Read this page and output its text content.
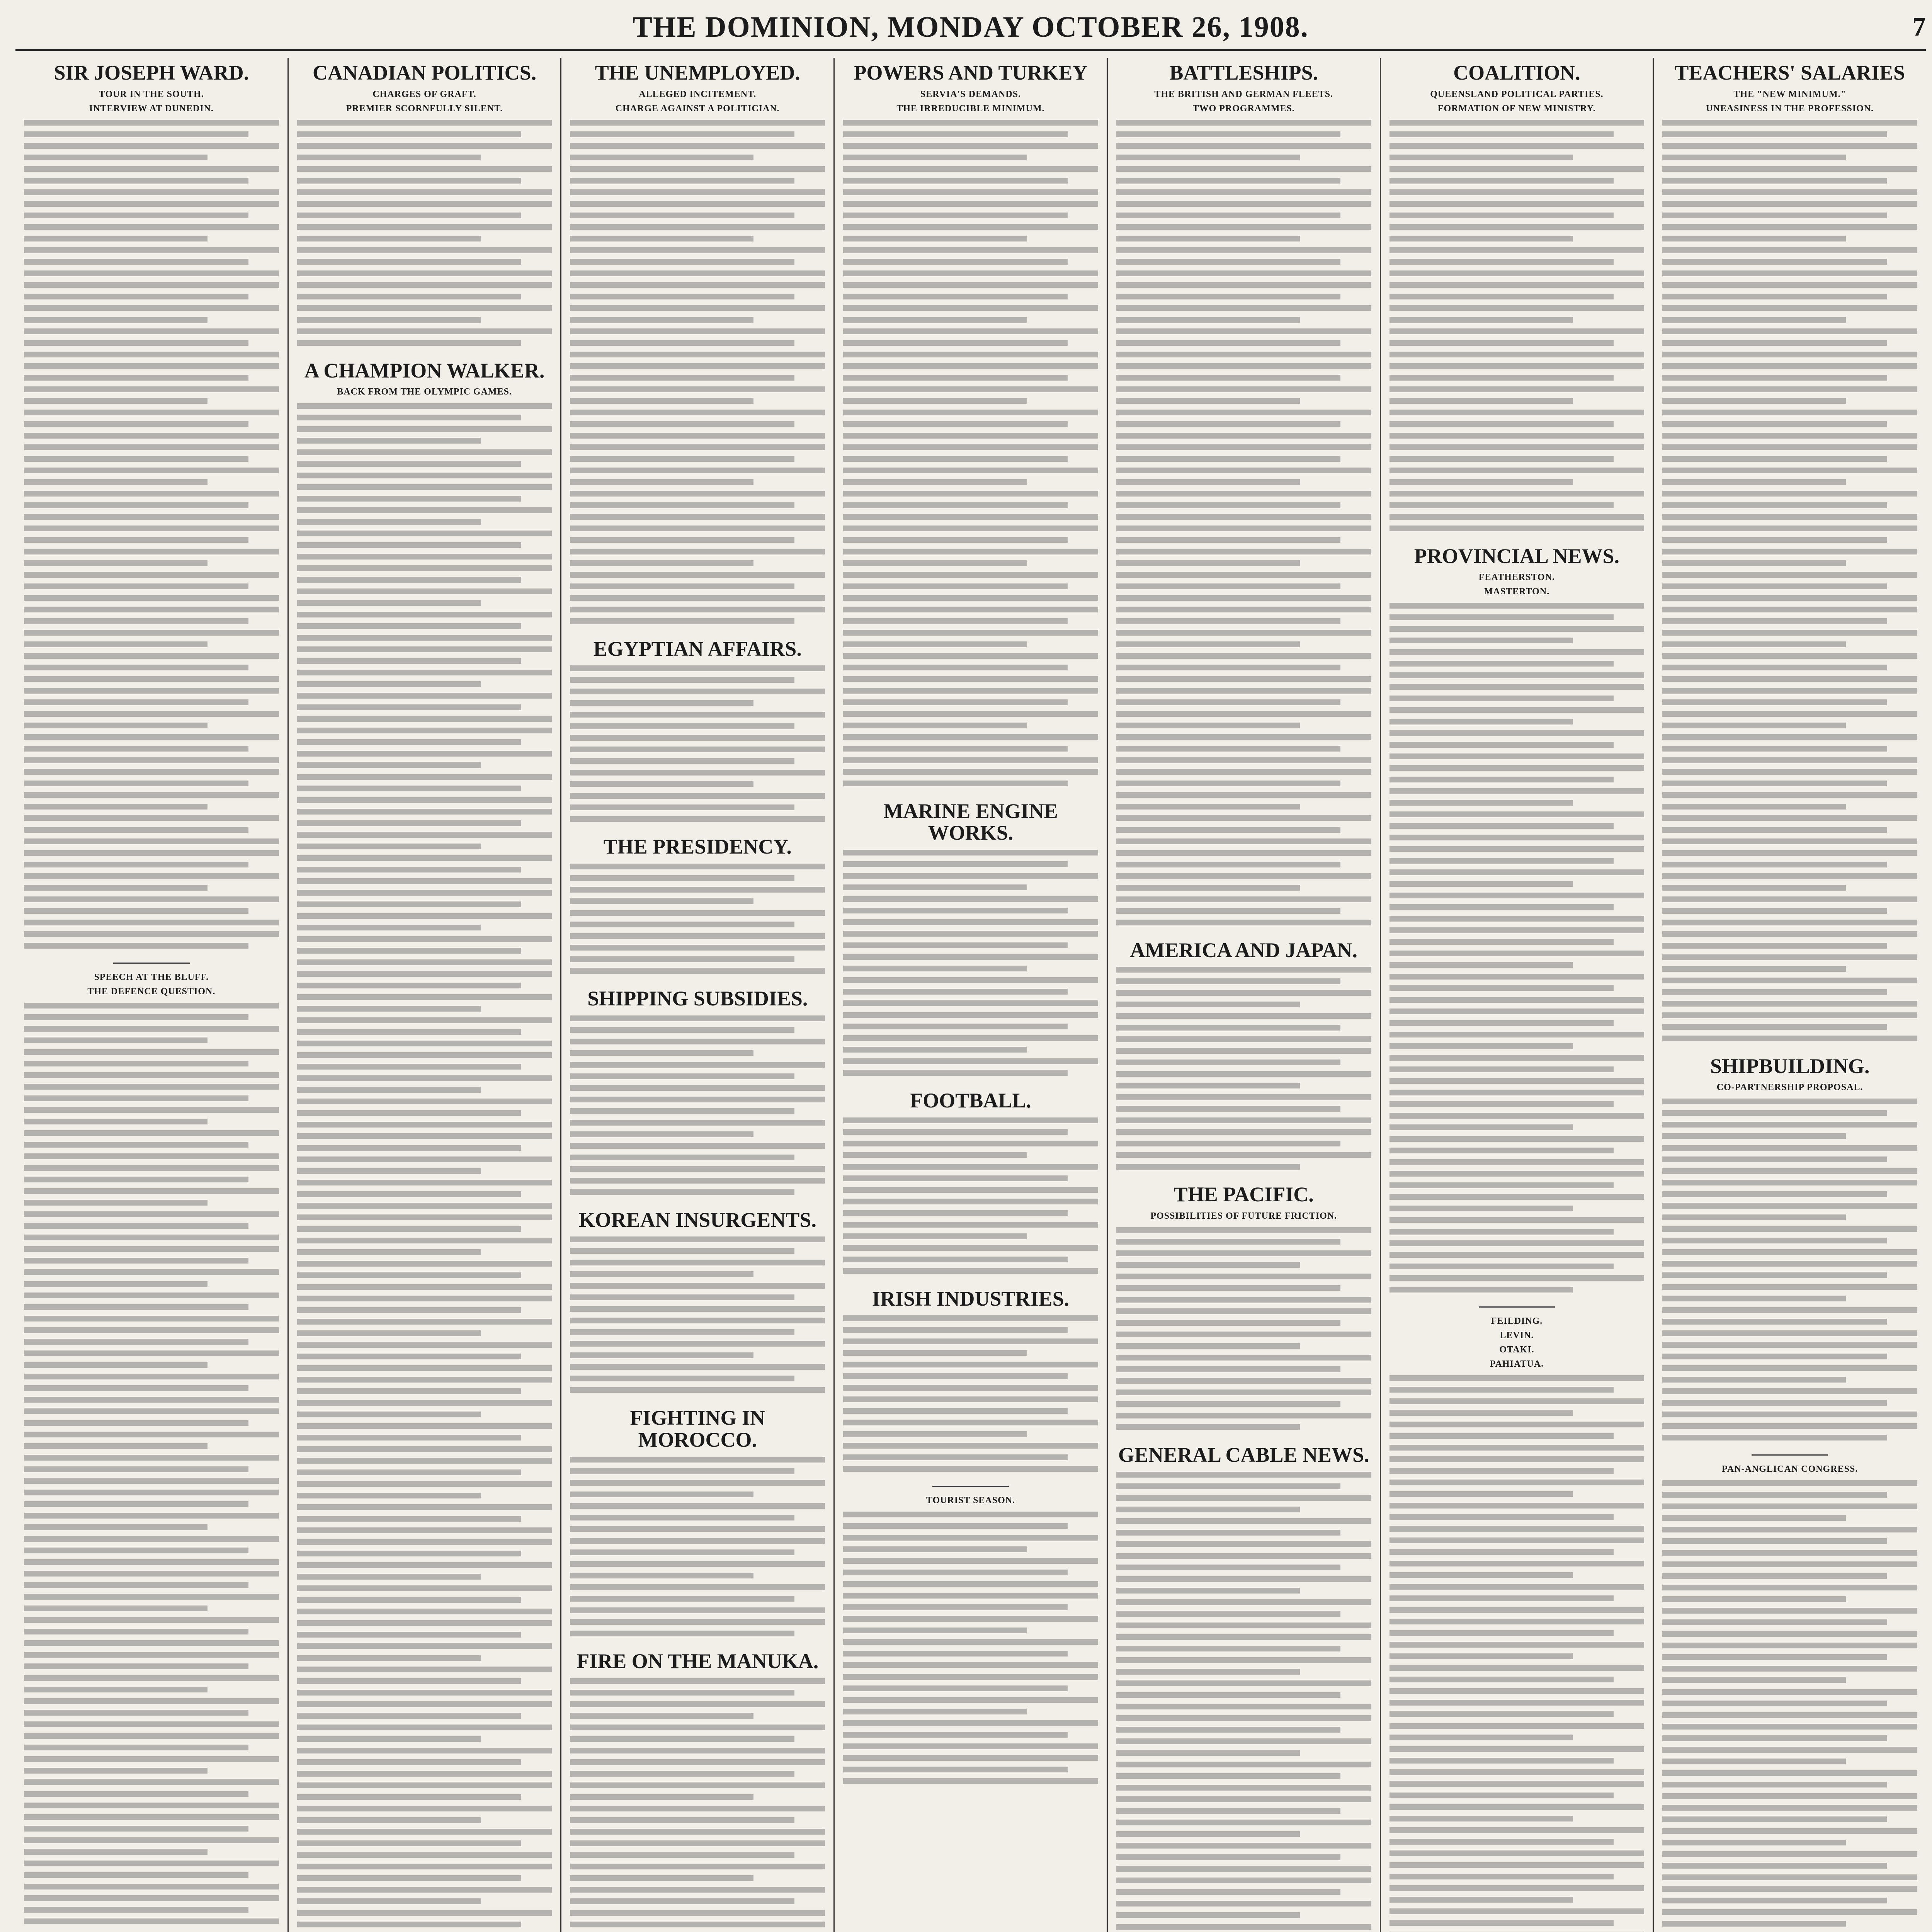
THE DOMINION, MONDAY OCTOBER 26, 1908.	7
SIR JOSEPH WARD.
TOUR IN THE SOUTH.
INTERVIEW AT DUNEDIN.
SPEECH AT THE BLUFF.
THE DEFENCE QUESTION.
CANADIAN POLITICS.
CHARGES OF GRAFT.
PREMIER SCORNFULLY SILENT.
A CHAMPION WALKER.
BACK FROM THE OLYMPIC GAMES.
THE UNEMPLOYED.
ALLEGED INCITEMENT.
CHARGE AGAINST A POLITICIAN.
EGYPTIAN AFFAIRS.
THE PRESIDENCY.
SHIPPING SUBSIDIES.
KOREAN INSURGENTS.
FIGHTING IN MOROCCO.
FIRE ON THE MANUKA.
POWERS AND TURKEY
SERVIA'S DEMANDS.
THE IRREDUCIBLE MINIMUM.
MARINE ENGINE WORKS.
FOOTBALL.
IRISH INDUSTRIES.
TOURIST SEASON.
BATTLESHIPS.
THE BRITISH AND GERMAN FLEETS.
TWO PROGRAMMES.
AMERICA AND JAPAN.
THE PACIFIC.
POSSIBILITIES OF FUTURE FRICTION.
GENERAL CABLE NEWS.
COALITION.
QUEENSLAND POLITICAL PARTIES.
FORMATION OF NEW MINISTRY.
PROVINCIAL NEWS.
FEATHERSTON.
MASTERTON.
FEILDING.
LEVIN.
OTAKI.
PAHIATUA.
TEACHERS' SALARIES
THE "NEW MINIMUM."
UNEASINESS IN THE PROFESSION.
SHIPBUILDING.
CO-PARTNERSHIP PROPOSAL.
PAN-ANGLICAN CONGRESS.
